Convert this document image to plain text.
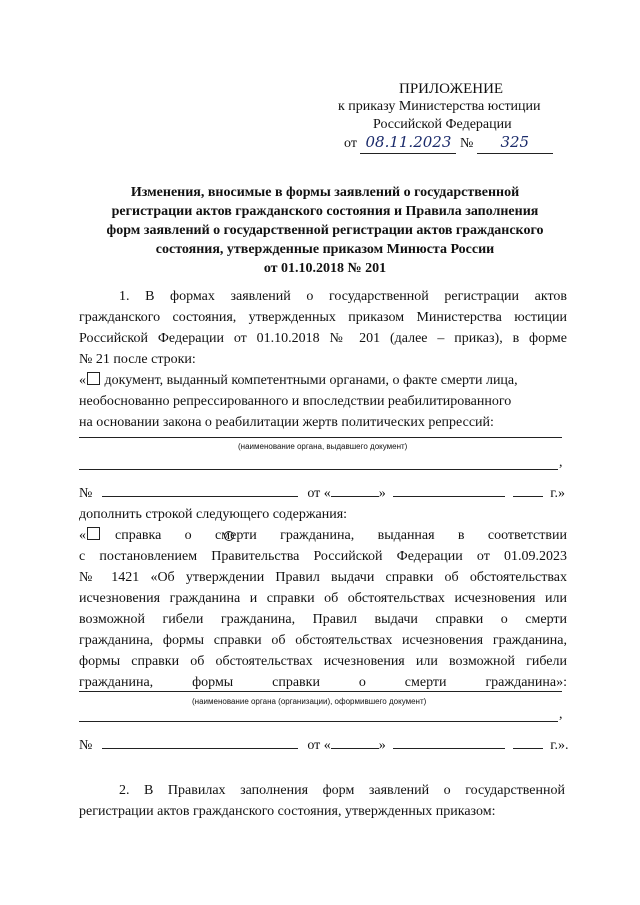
ПРИЛОЖЕНИЕ
к приказу Министерства юстиции
Российской Федерации
от 08.11.2023 № 325
Изменения, вносимые в формы заявлений о государственной
регистрации актов гражданского состояния и Правила заполнения
форм заявлений о государственной регистрации актов гражданского
состояния, утвержденные приказом Минюста России
от 01.10.2018 № 201
1. В формах заявлений о государственной регистрации актов
гражданского состояния, утвержденных приказом Министерства юстиции
Российской Федерации от 01.10.2018 № 201 (далее – приказ), в форме
№ 21 после строки:
« документ, выданный компетентными органами, о факте смерти лица,
необоснованно репрессированного и впоследствии реабилитированного
на основании закона о реабилитации жертв политических репрессий:
(наименование органа, выдавшего документ)
,
№	от «	»	г.»
дополнить строкой следующего содержания:
«	справка о смерти гражданина, выданная в соответствии
с постановлением Правительства Российской Федерации от 01.09.2023
№ 1421 «Об утверждении Правил выдачи справки об обстоятельствах
исчезновения гражданина и справки об обстоятельствах исчезновения или
возможной гибели гражданина, Правил выдачи справки о смерти
гражданина, формы справки об обстоятельствах исчезновения гражданина,
формы справки об обстоятельствах исчезновения или возможной гибели
гражданина, формы справки о смерти гражданина»:
(наименование органа (организации), оформившего документ)
,
№	от «	»	г.».
2. В Правилах заполнения форм заявлений о государственной
регистрации актов гражданского состояния, утвержденных приказом:
